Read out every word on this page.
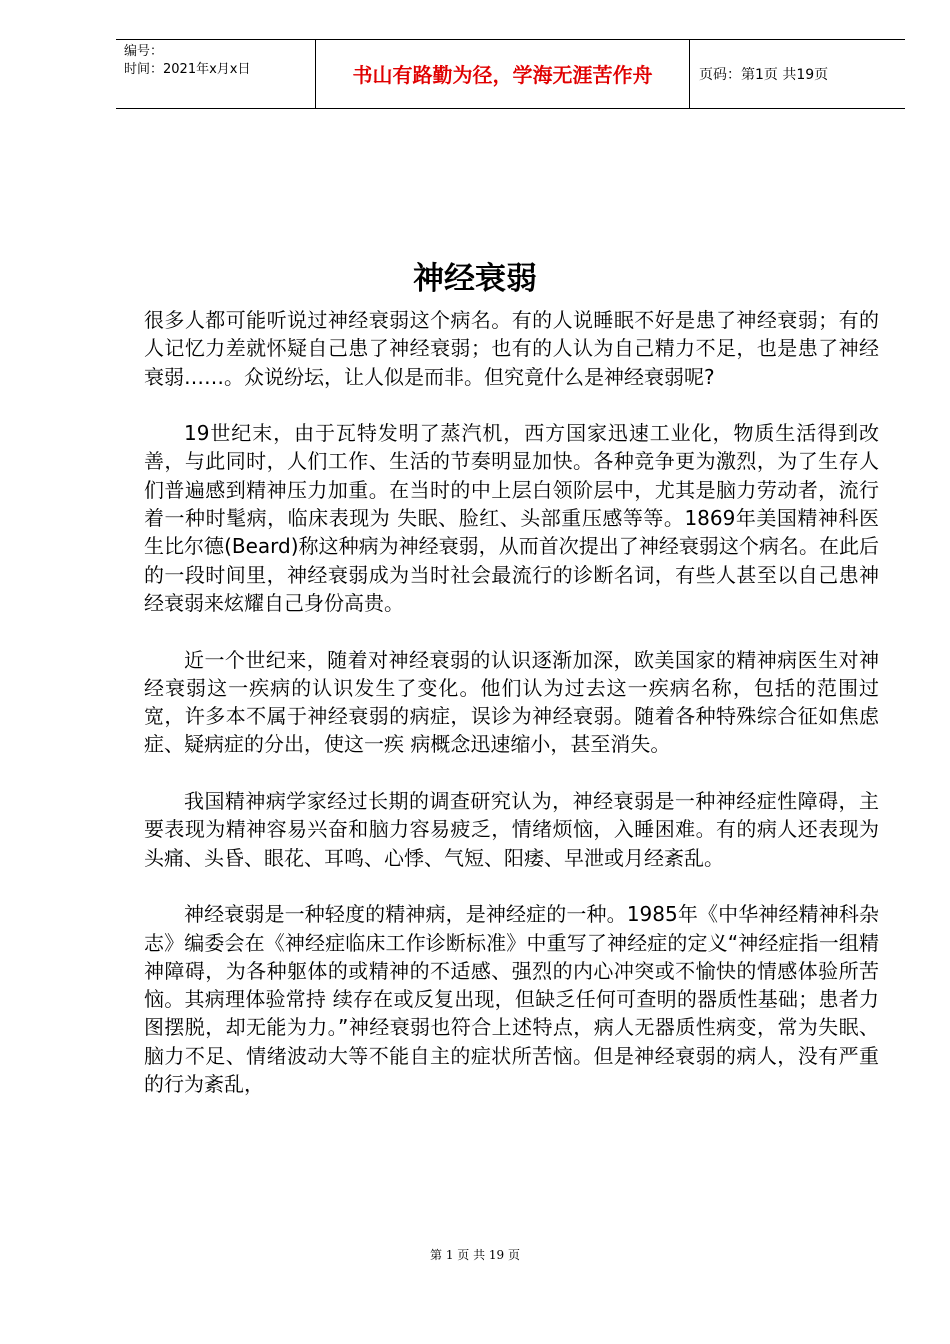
编号：
时间：2021年x月x日	书山有路勤为径，学海无涯苦作舟	页码：第1页 共19页
神经衰弱

很多人都可能听说过神经衰弱这个病名。有的人说睡眠不好是患了神经衰弱；有的人记忆力差就怀疑自己患了神经衰弱；也有的人认为自己精力不足，也是患了神经衰弱……。众说纷坛，让人似是而非。但究竟什么是神经衰弱呢?

19世纪末，由于瓦特发明了蒸汽机，西方国家迅速工业化，物质生活得到改善，与此同时，人们工作、生活的节奏明显加快。各种竞争更为激烈，为了生存人们普遍感到精神压力加重。在当时的中上层白领阶层中，尤其是脑力劳动者，流行着一种时髦病，临床表现为 失眠、脸红、头部重压感等等。1869年美国精神科医生比尔德(Beard)称这种病为神经衰弱，从而首次提出了神经衰弱这个病名。在此后的一段时间里，神经衰弱成为当时社会最流行的诊断名词，有些人甚至以自己患神经衰弱来炫耀自己身份高贵。

近一个世纪来，随着对神经衰弱的认识逐渐加深，欧美国家的精神病医生对神经衰弱这一疾病的认识发生了变化。他们认为过去这一疾病名称，包括的范围过宽，许多本不属于神经衰弱的病症，误诊为神经衰弱。随着各种特殊综合征如焦虑症、疑病症的分出，使这一疾 病概念迅速缩小，甚至消失。

我国精神病学家经过长期的调查研究认为，神经衰弱是一种神经症性障碍，主要表现为精神容易兴奋和脑力容易疲乏，情绪烦恼，入睡困难。有的病人还表现为头痛、头昏、眼花、耳鸣、心悸、气短、阳痿、早泄或月经紊乱。

神经衰弱是一种轻度的精神病，是神经症的一种。1985年《中华神经精神科杂志》编委会在《神经症临床工作诊断标准》中重写了神经症的定义“神经症指一组精神障碍，为各种躯体的或精神的不适感、强烈的内心冲突或不愉快的情感体验所苦恼。其病理体验常持 续存在或反复出现，但缺乏任何可查明的器质性基础；患者力图摆脱，却无能为力。”神经衰弱也符合上述特点，病人无器质性病变，常为失眠、脑力不足、情绪波动大等不能自主的症状所苦恼。但是神经衰弱的病人，没有严重的行为紊乱，

第 1 页 共 19 页
